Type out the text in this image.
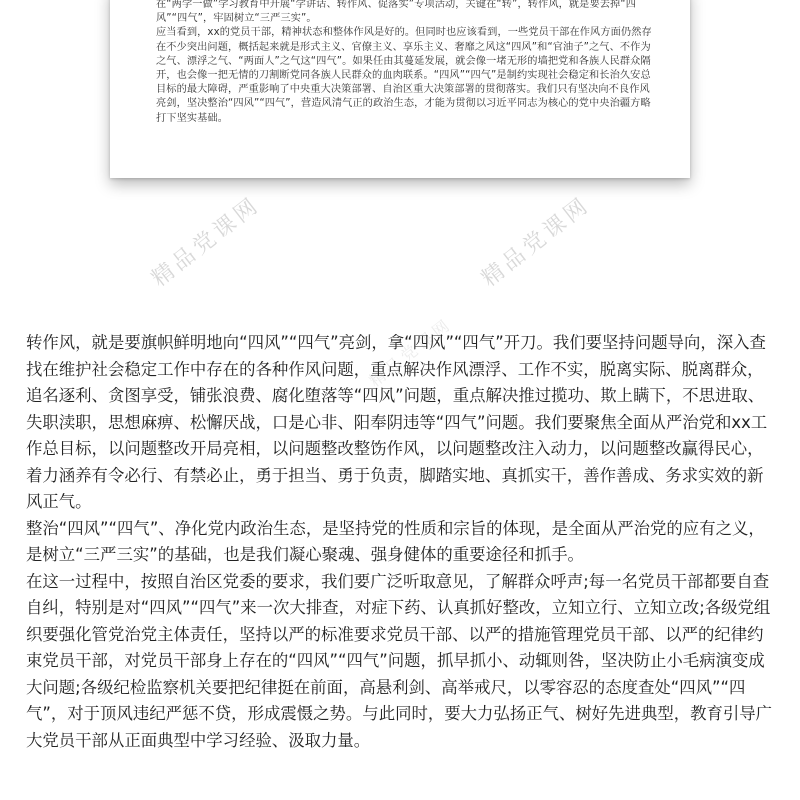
在“两学一做”学习教育中开展“学讲话、转作风、促落实”专项活动，关键在“转”，转作风，就是要去掉“四风”“四气”，牢固树立“三严三实”。

应当看到，xx的党员干部，精神状态和整体作风是好的。但同时也应该看到，一些党员干部在作风方面仍然存在不少突出问题，概括起来就是形式主义、官僚主义、享乐主义、奢靡之风这“四风”和“官油子”之气、不作为之气、漂浮之气、“两面人”之气这“四气”。如果任由其蔓延发展，就会像一堵无形的墙把党和各族人民群众隔开，也会像一把无情的刀割断党同各族人民群众的血肉联系。“四风”“四气”是制约实现社会稳定和长治久安总目标的最大障碍，严重影响了中央重大决策部署、自治区重大决策部署的贯彻落实。我们只有坚决向不良作风亮剑，坚决整治“四风”“四气”，营造风清气正的政治生态，才能为贯彻以习近平同志为核心的党中央治疆方略打下坚实基础。

精品党课网	精品党课网
精品党课网

转作风，就是要旗帜鲜明地向“四风”“四气”亮剑，拿“四风”“四气”开刀。我们要坚持问题导向，深入查找在维护社会稳定工作中存在的各种作风问题，重点解决作风漂浮、工作不实，脱离实际、脱离群众，追名逐利、贪图享受，铺张浪费、腐化堕落等“四风”问题，重点解决推过揽功、欺上瞒下，不思进取、失职渎职，思想麻痹、松懈厌战，口是心非、阳奉阴违等“四气”问题。我们要聚焦全面从严治党和xx工作总目标，以问题整改开局亮相，以问题整改整饬作风，以问题整改注入动力，以问题整改赢得民心，着力涵养有令必行、有禁必止，勇于担当、勇于负责，脚踏实地、真抓实干，善作善成、务求实效的新风正气。

整治“四风”“四气”、净化党内政治生态，是坚持党的性质和宗旨的体现，是全面从严治党的应有之义，是树立“三严三实”的基础，也是我们凝心聚魂、强身健体的重要途径和抓手。

在这一过程中，按照自治区党委的要求，我们要广泛听取意见，了解群众呼声;每一名党员干部都要自查自纠，特别是对“四风”“四气”来一次大排查，对症下药、认真抓好整改，立知立行、立知立改;各级党组织要强化管党治党主体责任，坚持以严的标准要求党员干部、以严的措施管理党员干部、以严的纪律约束党员干部，对党员干部身上存在的“四风”“四气”问题，抓早抓小、动辄则咎，坚决防止小毛病演变成大问题;各级纪检监察机关要把纪律挺在前面，高悬利剑、高举戒尺，以零容忍的态度查处“四风”“四气”，对于顶风违纪严惩不贷，形成震慑之势。与此同时，要大力弘扬正气、树好先进典型，教育引导广大党员干部从正面典型中学习经验、汲取力量。
